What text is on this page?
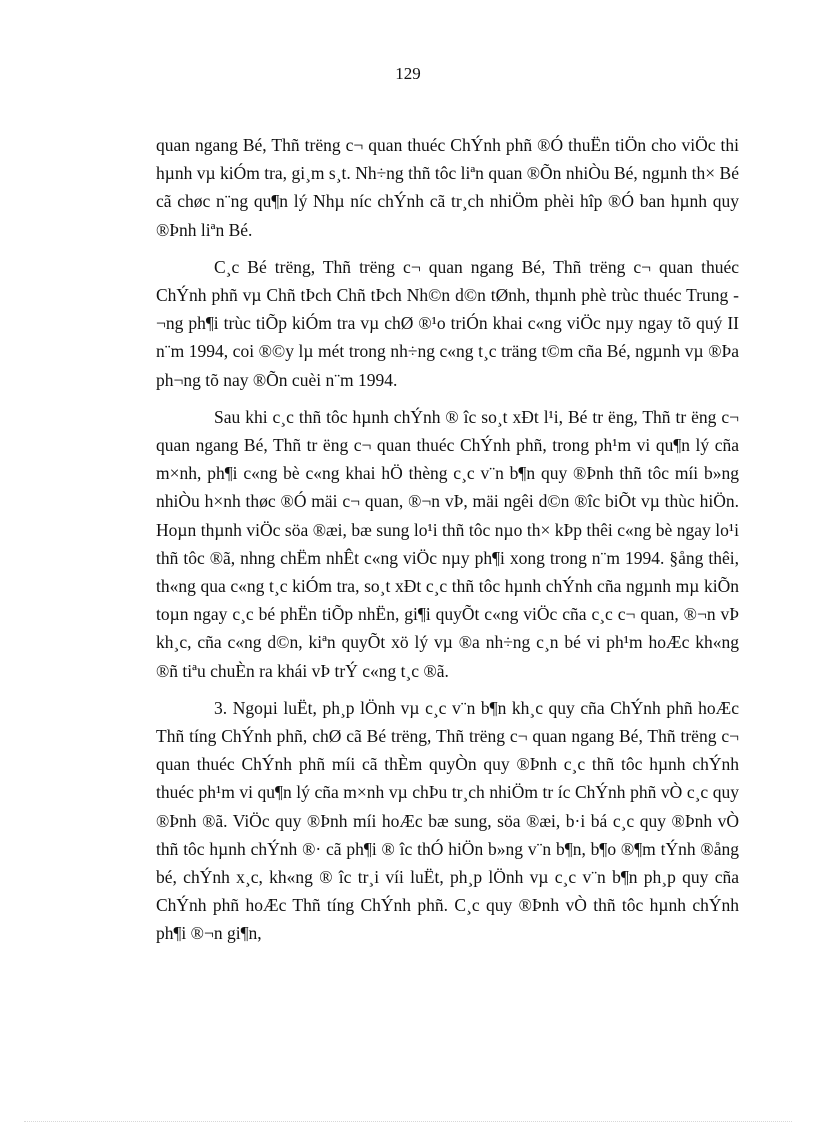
129

quan ngang Bé, Thñ trëng c¬ quan thuéc ChÝnh phñ ®Ó thuËn tiÖn cho viÖc thi hµnh vµ kiÓm tra, gi¸m s¸t. Nh÷ng thñ tôc liªn quan ®Õn nhiÒu Bé, ngµnh th× Bé cã chøc n¨ng qu¶n lý Nhµ níc chÝnh cã tr¸ch nhiÖm phèi hîp ®Ó ban hµnh quy ®Þnh liªn Bé.

C¸c Bé trëng, Thñ trëng c¬ quan ngang Bé, Thñ trëng c¬ quan thuéc ChÝnh phñ vµ Chñ tÞch Chñ tÞch Nh©n d©n tØnh, thµnh phè trùc thuéc Trung ¬ng ph¶i trùc tiÕp kiÓm tra vµ chØ ®¹o triÓn khai c«ng viÖc nµy ngay tõ quý II n¨m 1994, coi ®©y lµ mét trong nh÷ng c«ng t¸c träng t©m cña Bé, ngµnh vµ ®Þa ph¬ng tõ nay ®Õn cuèi n¨m 1994.

Sau khi c¸c thñ tôc hµnh chÝnh ® îc so¸t xÐt l¹i, Bé tr ëng, Thñ tr ëng c¬ quan ngang Bé, Thñ tr ëng c¬ quan thuéc ChÝnh phñ, trong ph¹m vi qu¶n lý cña m×nh, ph¶i c«ng bè c«ng khai hÖ thèng c¸c v¨n b¶n quy ®Þnh thñ tôc míi b»ng nhiÒu h×nh thøc ®Ó mäi c¬ quan, ®¬n vÞ, mäi ngêi d©n ®îc biÕt vµ thùc hiÖn. Hoµn thµnh viÖc söa ®æi, bæ sung lo¹i thñ tôc nµo th× kÞp thêi c«ng bè ngay lo¹i thñ tôc ®ã, nhng chËm nhÊt c«ng viÖc nµy ph¶i xong trong n¨m 1994. §ång thêi, th«ng qua c«ng t¸c kiÓm tra, so¸t xÐt c¸c thñ tôc hµnh chÝnh cña ngµnh mµ kiÕn toµn ngay c¸c bé phËn tiÕp nhËn, gi¶i quyÕt c«ng viÖc cña c¸c c¬ quan, ®¬n vÞ kh¸c, cña c«ng d©n, kiªn quyÕt xö lý vµ ®a nh÷ng c¸n bé vi ph¹m hoÆc kh«ng ®ñ tiªu chuÈn ra khái vÞ trÝ c«ng t¸c ®ã.

3. Ngoµi luËt, ph¸p lÖnh vµ c¸c v¨n b¶n kh¸c quy cña ChÝnh phñ hoÆc Thñ tíng ChÝnh phñ, chØ cã Bé trëng, Thñ trëng c¬ quan ngang Bé, Thñ trëng c¬ quan thuéc ChÝnh phñ míi cã thÈm quyÒn quy ®Þnh c¸c thñ tôc hµnh chÝnh thuéc ph¹m vi qu¶n lý cña m×nh vµ chÞu tr¸ch nhiÖm tr íc ChÝnh phñ vÒ c¸c quy ®Þnh ®ã. ViÖc quy ®Þnh míi hoÆc bæ sung, söa ®æi, b·i bá c¸c quy ®Þnh vÒ thñ tôc hµnh chÝnh ®· cã ph¶i ® îc thÓ hiÖn b»ng v¨n b¶n, b¶o ®¶m tÝnh ®ång bé, chÝnh x¸c, kh«ng ® îc tr¸i víi luËt, ph¸p lÖnh vµ c¸c v¨n b¶n ph¸p quy cña ChÝnh phñ hoÆc Thñ tíng ChÝnh phñ. C¸c quy ®Þnh vÒ thñ tôc hµnh chÝnh ph¶i ®¬n gi¶n,
